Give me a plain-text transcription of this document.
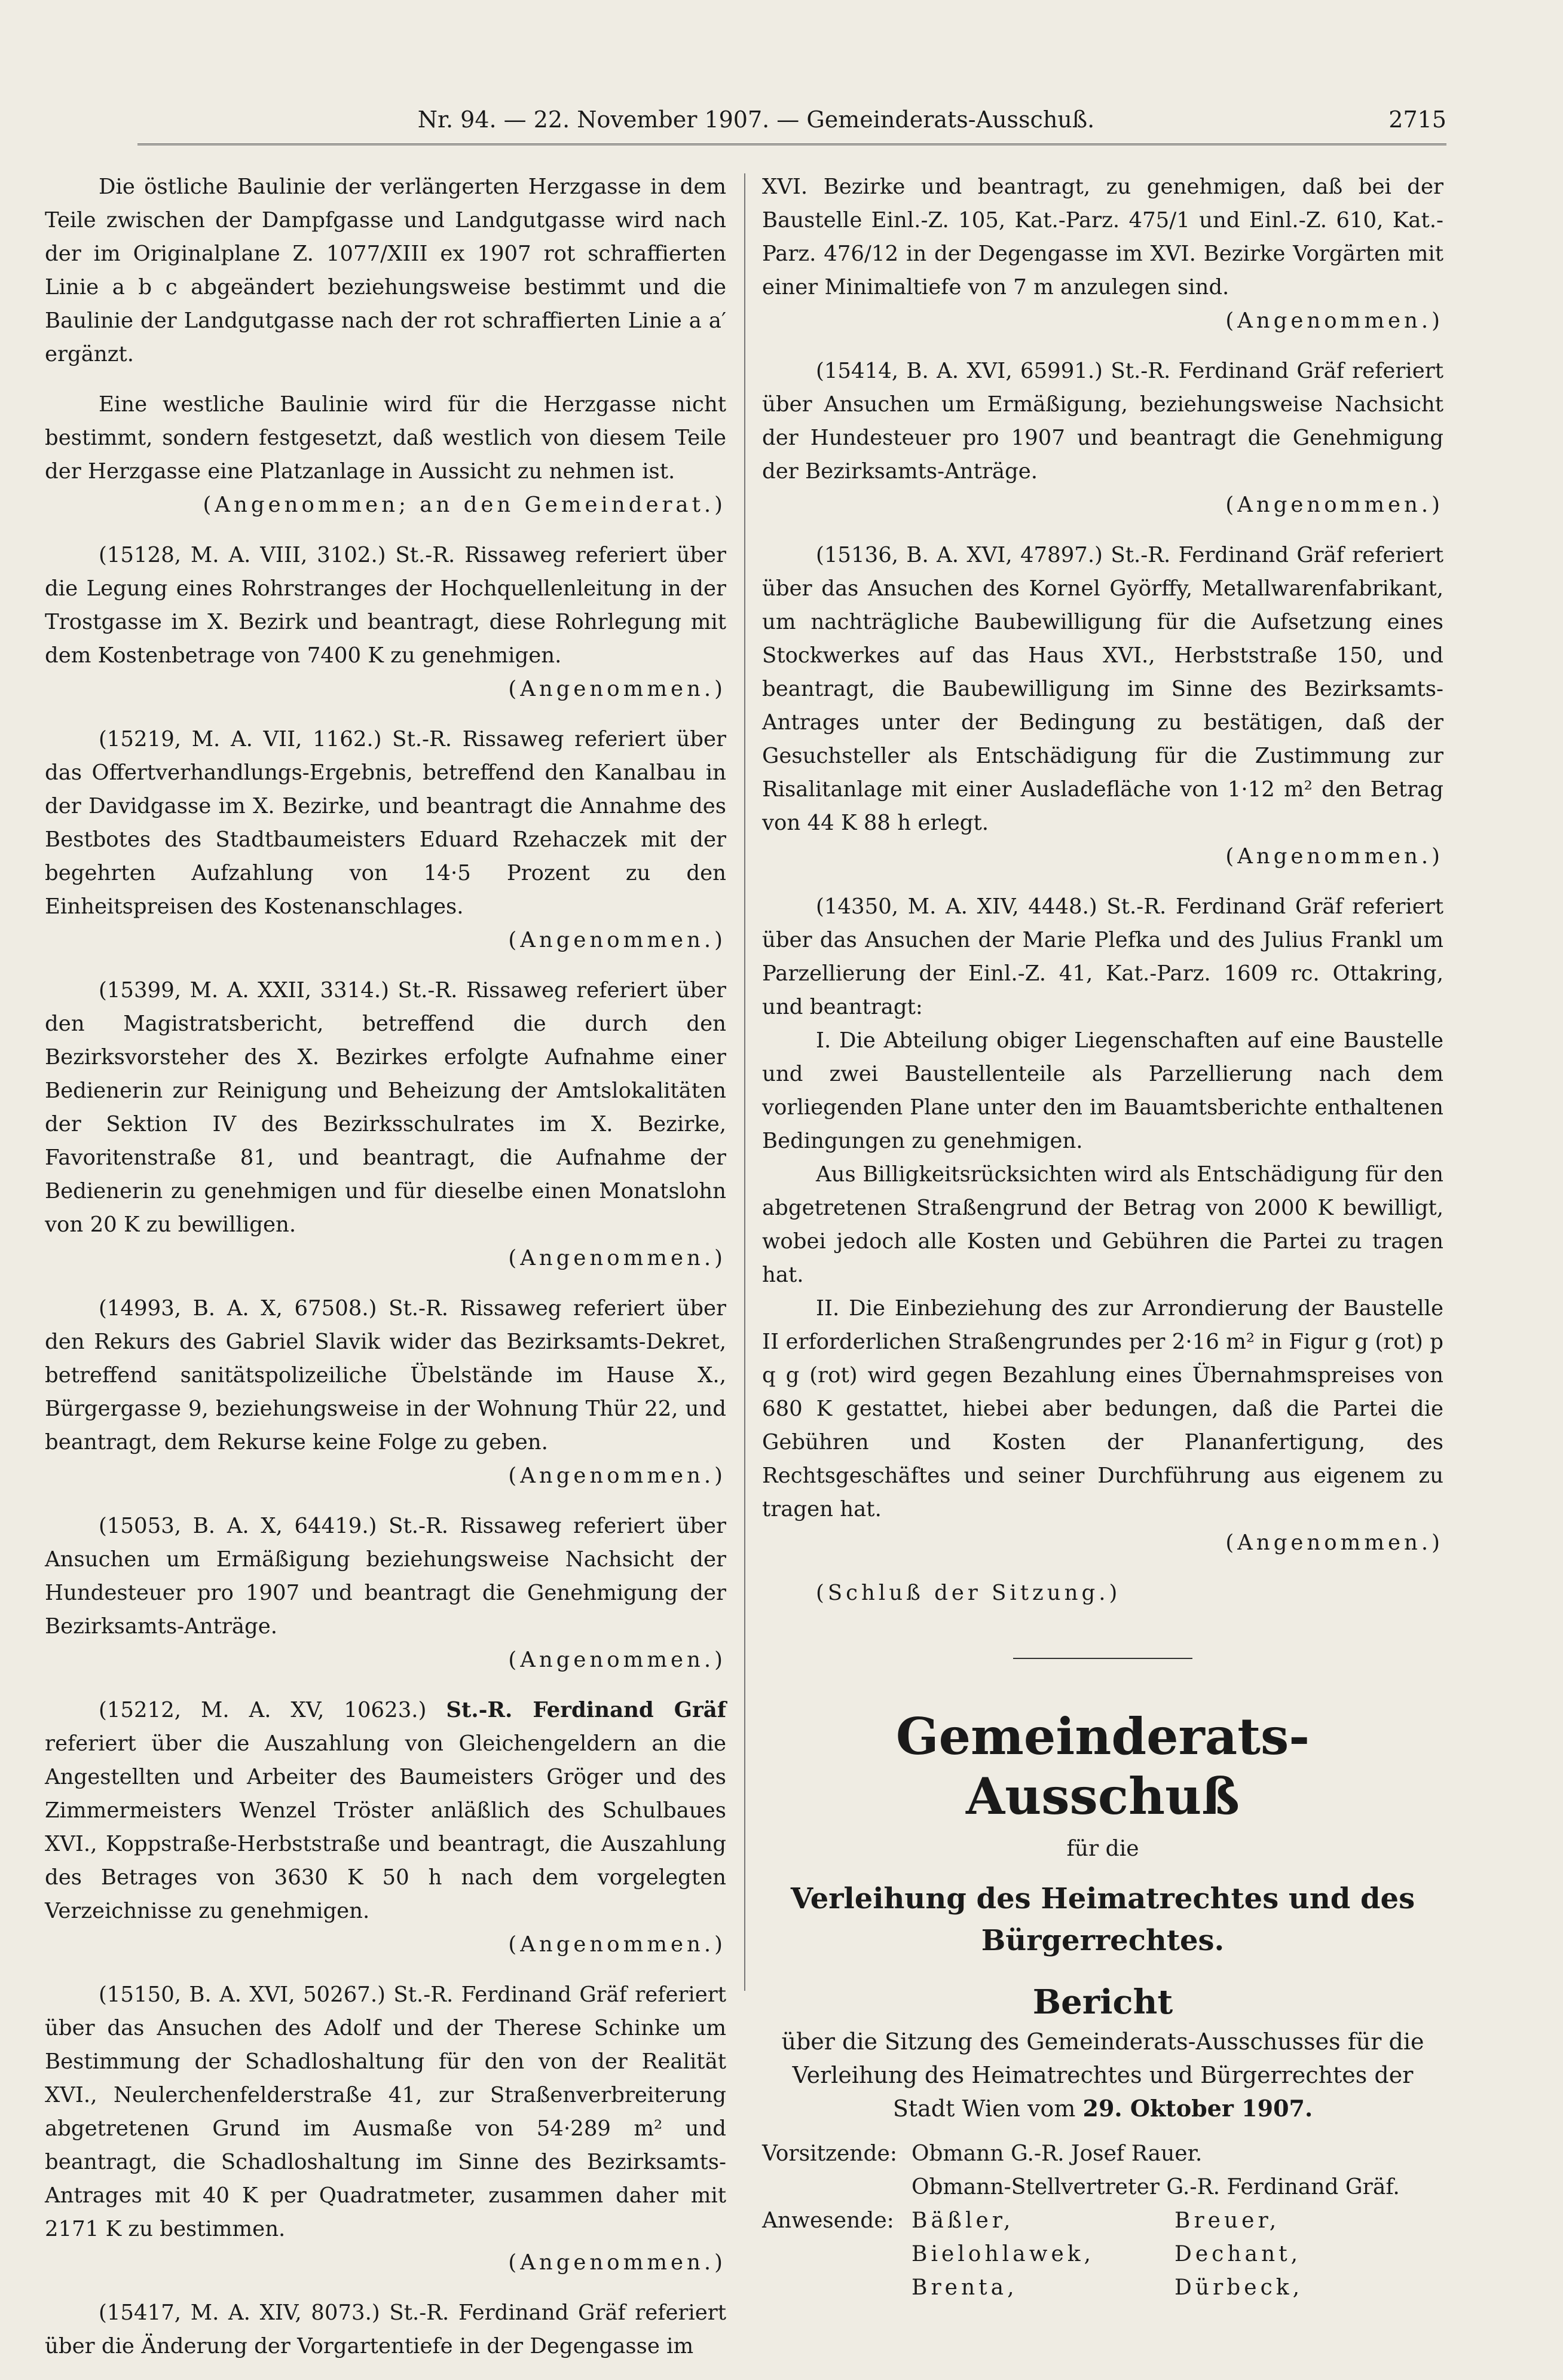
Nr. 94. — 22. November 1907. — Gemeinderats-Ausschuß.	2715

Die östliche Baulinie der verlängerten Herzgasse in dem Teile zwischen der Dampfgasse und Landgutgasse wird nach der im Originalplane Z. 1077/XIII ex 1907 rot schraffierten Linie a b c abgeändert beziehungsweise bestimmt und die Baulinie der Landgutgasse nach der rot schraffierten Linie a a′ ergänzt.

Eine westliche Baulinie wird für die Herzgasse nicht bestimmt, sondern festgesetzt, daß westlich von diesem Teile der Herzgasse eine Platzanlage in Aussicht zu nehmen ist.

(Angenommen; an den Gemeinderat.)

(15128, M. A. VIII, 3102.) St.-R. Rissaweg referiert über die Legung eines Rohrstranges der Hochquellenleitung in der Trostgasse im X. Bezirk und beantragt, diese Rohrlegung mit dem Kostenbetrage von 7400 K zu genehmigen.

(Angenommen.)

(15219, M. A. VII, 1162.) St.-R. Rissaweg referiert über das Offertverhandlungs-Ergebnis, betreffend den Kanalbau in der Davidgasse im X. Bezirke, und beantragt die Annahme des Bestbotes des Stadtbaumeisters Eduard Rzehaczek mit der begehrten Aufzahlung von 14·5 Prozent zu den Einheitspreisen des Kostenanschlages.

(Angenommen.)

(15399, M. A. XXII, 3314.) St.-R. Rissaweg referiert über den Magistratsbericht, betreffend die durch den Bezirksvorsteher des X. Bezirkes erfolgte Aufnahme einer Bedienerin zur Reinigung und Beheizung der Amtslokalitäten der Sektion IV des Bezirksschulrates im X. Bezirke, Favoritenstraße 81, und beantragt, die Aufnahme der Bedienerin zu genehmigen und für dieselbe einen Monatslohn von 20 K zu bewilligen.

(Angenommen.)

(14993, B. A. X, 67508.) St.-R. Rissaweg referiert über den Rekurs des Gabriel Slavik wider das Bezirksamts-Dekret, betreffend sanitätspolizeiliche Übelstände im Hause X., Bürgergasse 9, beziehungsweise in der Wohnung Thür 22, und beantragt, dem Rekurse keine Folge zu geben.

(Angenommen.)

(15053, B. A. X, 64419.) St.-R. Rissaweg referiert über Ansuchen um Ermäßigung beziehungsweise Nachsicht der Hundesteuer pro 1907 und beantragt die Genehmigung der Bezirksamts-Anträge.

(Angenommen.)

(15212, M. A. XV, 10623.) St.-R. Ferdinand Gräf referiert über die Auszahlung von Gleichengeldern an die Angestellten und Arbeiter des Baumeisters Gröger und des Zimmermeisters Wenzel Tröster anläßlich des Schulbaues XVI., Koppstraße-Herbststraße und beantragt, die Auszahlung des Betrages von 3630 K 50 h nach dem vorgelegten Verzeichnisse zu genehmigen.

(Angenommen.)

(15150, B. A. XVI, 50267.) St.-R. Ferdinand Gräf referiert über das Ansuchen des Adolf und der Therese Schinke um Bestimmung der Schadloshaltung für den von der Realität XVI., Neulerchenfelderstraße 41, zur Straßenverbreiterung abgetretenen Grund im Ausmaße von 54·289 m² und beantragt, die Schadloshaltung im Sinne des Bezirksamts-Antrages mit 40 K per Quadratmeter, zusammen daher mit 2171 K zu bestimmen.

(Angenommen.)

(15417, M. A. XIV, 8073.) St.-R. Ferdinand Gräf referiert über die Änderung der Vorgartentiefe in der Degengasse im

XVI. Bezirke und beantragt, zu genehmigen, daß bei der Baustelle Einl.-Z. 105, Kat.-Parz. 475/1 und Einl.-Z. 610, Kat.-Parz. 476/12 in der Degengasse im XVI. Bezirke Vorgärten mit einer Minimaltiefe von 7 m anzulegen sind.

(Angenommen.)

(15414, B. A. XVI, 65991.) St.-R. Ferdinand Gräf referiert über Ansuchen um Ermäßigung, beziehungsweise Nachsicht der Hundesteuer pro 1907 und beantragt die Genehmigung der Bezirksamts-Anträge.

(Angenommen.)

(15136, B. A. XVI, 47897.) St.-R. Ferdinand Gräf referiert über das Ansuchen des Kornel Györffy, Metallwarenfabrikant, um nachträgliche Baubewilligung für die Aufsetzung eines Stockwerkes auf das Haus XVI., Herbststraße 150, und beantragt, die Baubewilligung im Sinne des Bezirksamts-Antrages unter der Bedingung zu bestätigen, daß der Gesuchsteller als Entschädigung für die Zustimmung zur Risalitanlage mit einer Ausladefläche von 1·12 m² den Betrag von 44 K 88 h erlegt.

(Angenommen.)

(14350, M. A. XIV, 4448.) St.-R. Ferdinand Gräf referiert über das Ansuchen der Marie Plefka und des Julius Frankl um Parzellierung der Einl.-Z. 41, Kat.-Parz. 1609 rc. Ottakring, und beantragt:

I. Die Abteilung obiger Liegenschaften auf eine Baustelle und zwei Baustellenteile als Parzellierung nach dem vorliegenden Plane unter den im Bauamtsberichte enthaltenen Bedingungen zu genehmigen.

Aus Billigkeitsrücksichten wird als Entschädigung für den abgetretenen Straßengrund der Betrag von 2000 K bewilligt, wobei jedoch alle Kosten und Gebühren die Partei zu tragen hat.

II. Die Einbeziehung des zur Arrondierung der Baustelle II erforderlichen Straßengrundes per 2·16 m² in Figur g (rot) p q g (rot) wird gegen Bezahlung eines Übernahmspreises von 680 K gestattet, hiebei aber bedungen, daß die Partei die Gebühren und Kosten der Plananfertigung, des Rechtsgeschäftes und seiner Durchführung aus eigenem zu tragen hat.

(Angenommen.)

(Schluß der Sitzung.)

Gemeinderats-Ausschuß
für die
Verleihung des Heimatrechtes und des Bürgerrechtes.
Bericht
über die Sitzung des Gemeinderats-Ausschusses für die Verleihung des Heimatrechtes und Bürgerrechtes der Stadt Wien vom 29. Oktober 1907.
Vorsitzende: Obmann G.-R. Josef Rauer.
Obmann-Stellvertreter G.-R. Ferdinand Gräf.
Anwesende: Bäßler,	Breuer,
Bielohlawek,	Dechant,
Brenta,	Dürbeck,
